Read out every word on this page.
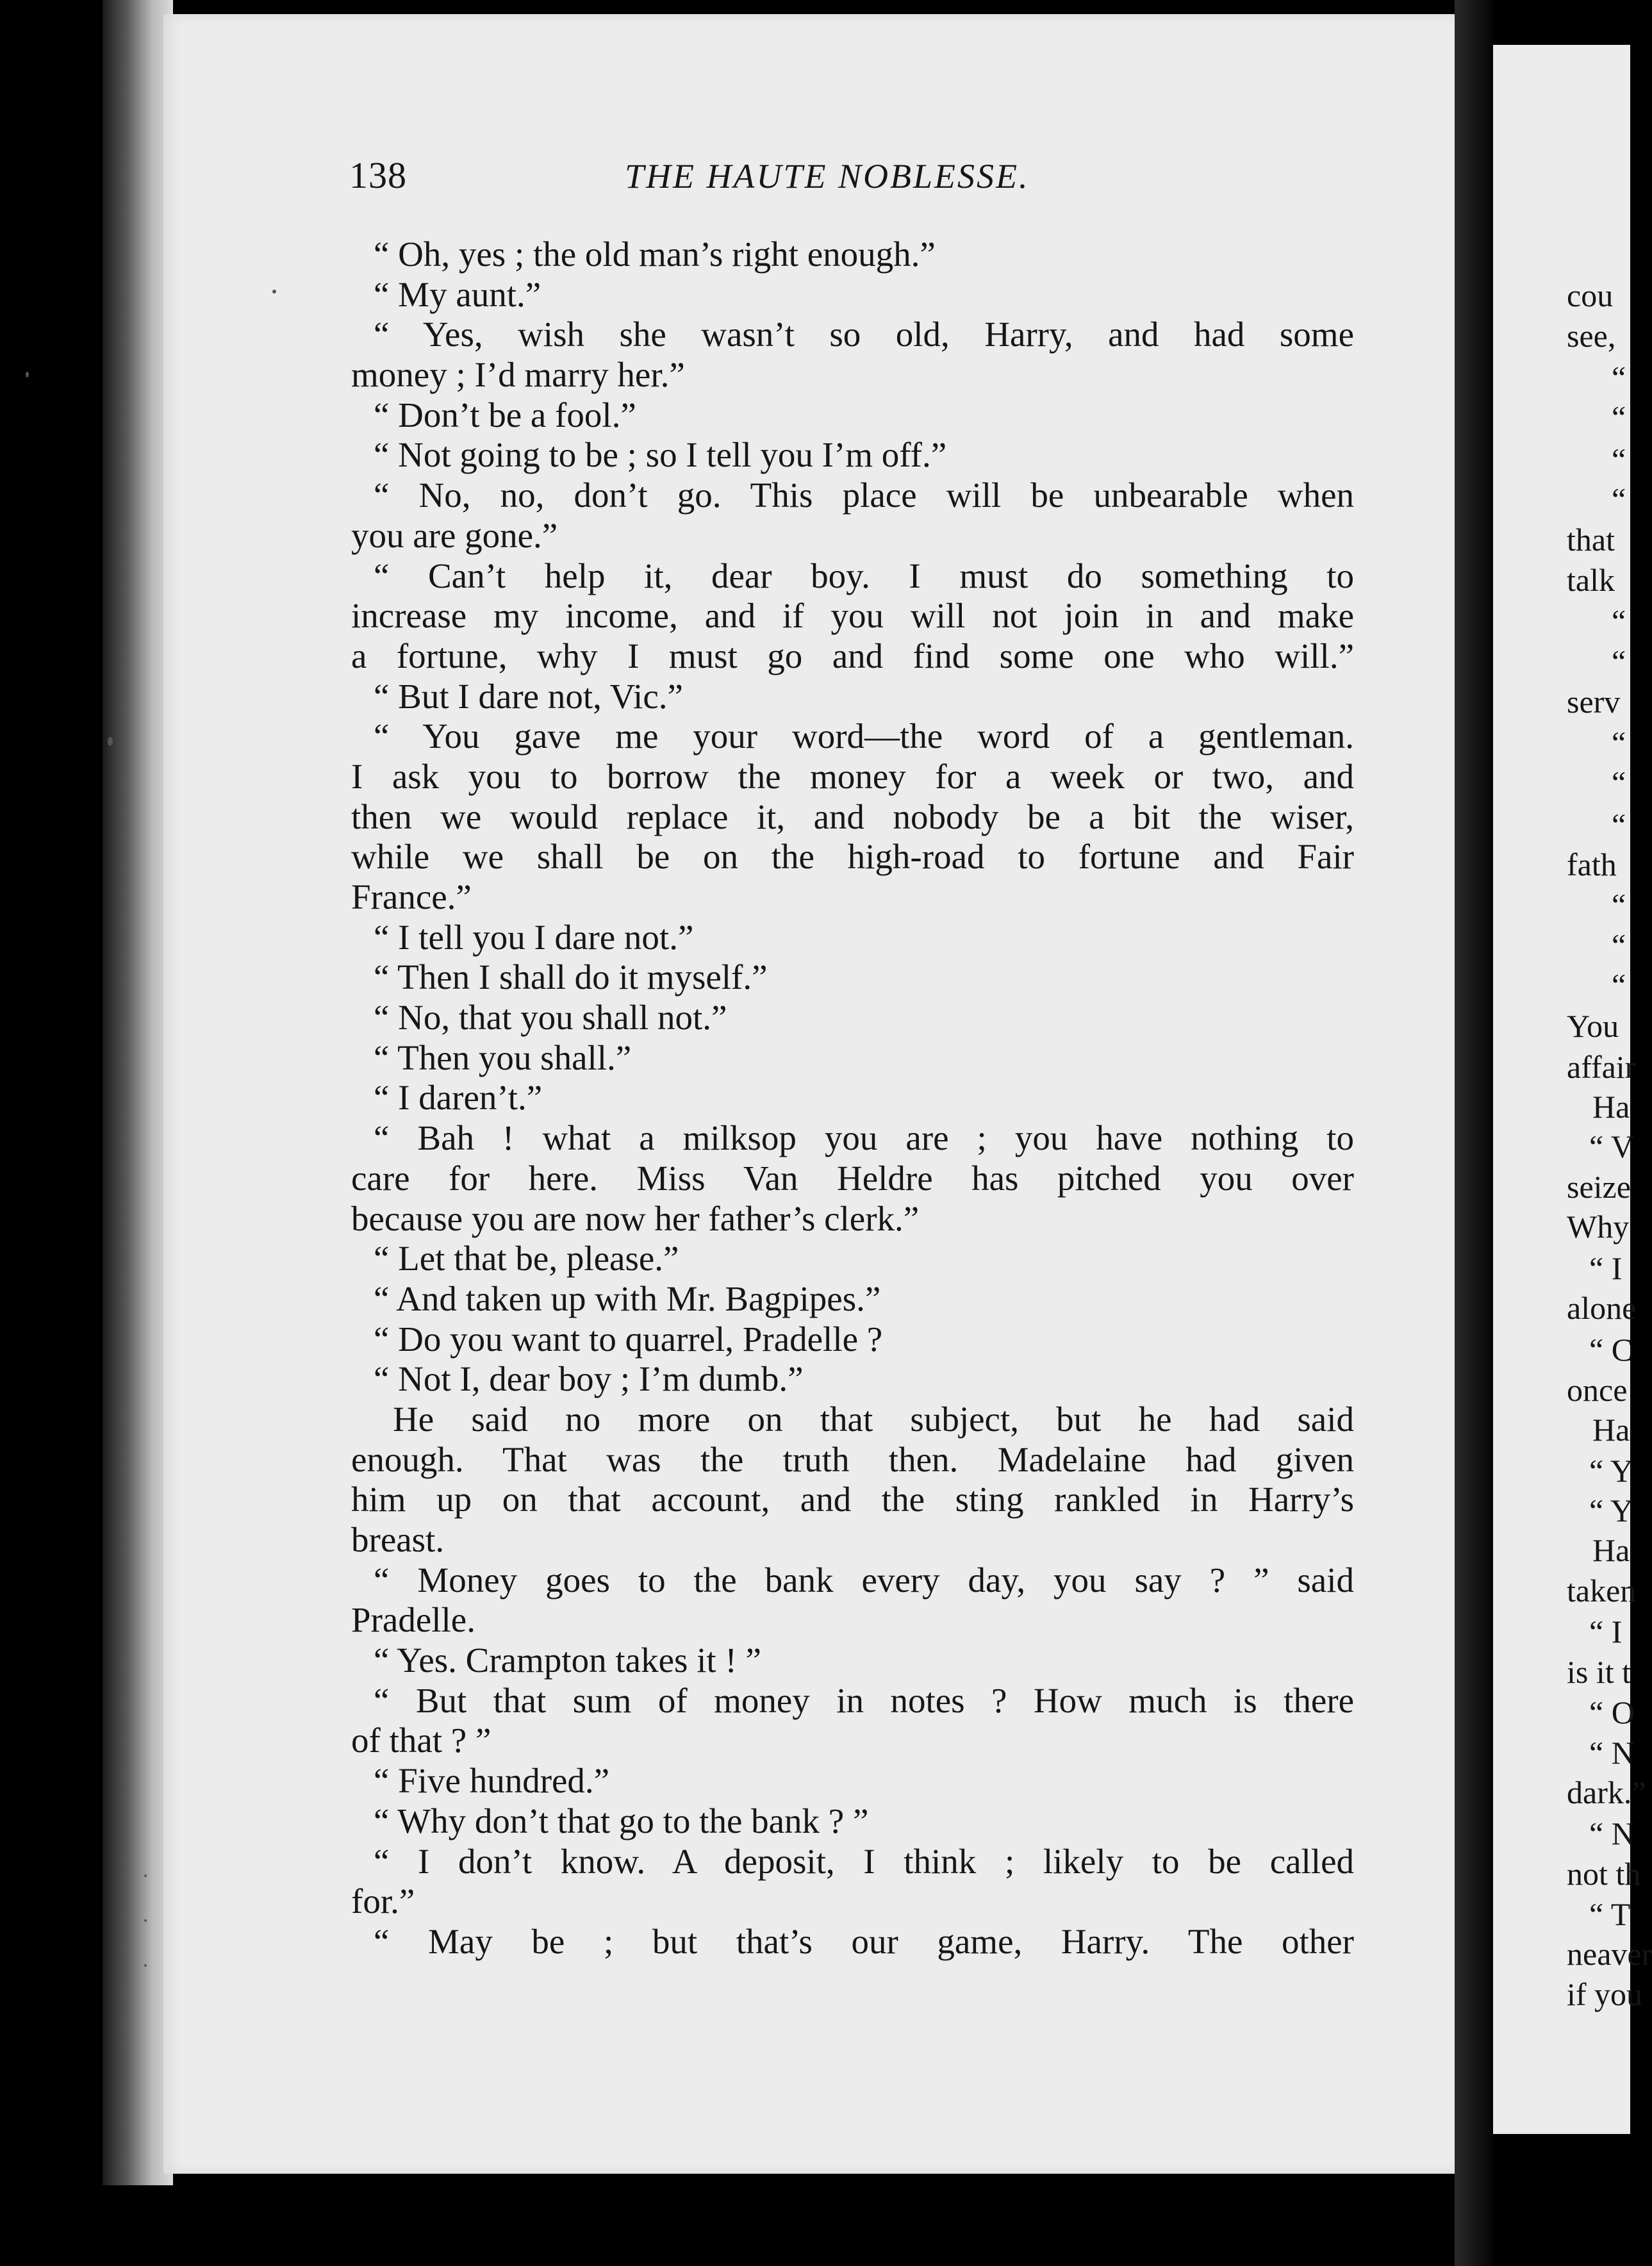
138	THE HAUTE NOBLESSE.
“ Oh, yes ; the old man’s right enough.”
“ My aunt.”
“ Yes, wish she wasn’t so old, Harry, and had some
money ; I’d marry her.”
“ Don’t be a fool.”
“ Not going to be ; so I tell you I’m off.”
“ No, no, don’t go. This place will be unbearable when
you are gone.”
“ Can’t help it, dear boy. I must do something to
increase my income, and if you will not join in and make
a fortune, why I must go and find some one who will.”
“ But I dare not, Vic.”
“ You gave me your word—the word of a gentleman.
I ask you to borrow the money for a week or two, and
then we would replace it, and nobody be a bit the wiser,
while we shall be on the high-road to fortune and Fair
France.”
“ I tell you I dare not.”
“ Then I shall do it myself.”
“ No, that you shall not.”
“ Then you shall.”
“ I daren’t.”
“ Bah ! what a milksop you are ; you have nothing to
care for here. Miss Van Heldre has pitched you over
because you are now her father’s clerk.”
“ Let that be, please.”
“ And taken up with Mr. Bagpipes.”
“ Do you want to quarrel, Pradelle ?
“ Not I, dear boy ; I’m dumb.”
He said no more on that subject, but he had said
enough. That was the truth then. Madelaine had given
him up on that account, and the sting rankled in Harry’s
breast.
“ Money goes to the bank every day, you say ? ” said
Pradelle.
“ Yes. Crampton takes it ! ”
“ But that sum of money in notes ? How much is there
of that ? ”
“ Five hundred.”
“ Why don’t that go to the bank ? ”
“ I don’t know. A deposit, I think ; likely to be called
for.”
“ May be ; but that’s our game, Harry. The other
cou
see,
“
“
“
“
that
talk
“
“
serv
“
“
“
fath
“
“
“
You
affair
Ha
“ V
seize
Why
“ I
alone
“ C
once
Ha
“ Y
“ Y
Ha
taken
“ I
is it t
“ O
“ N
dark.”
“ N
not th
“ T
neaver
if you
